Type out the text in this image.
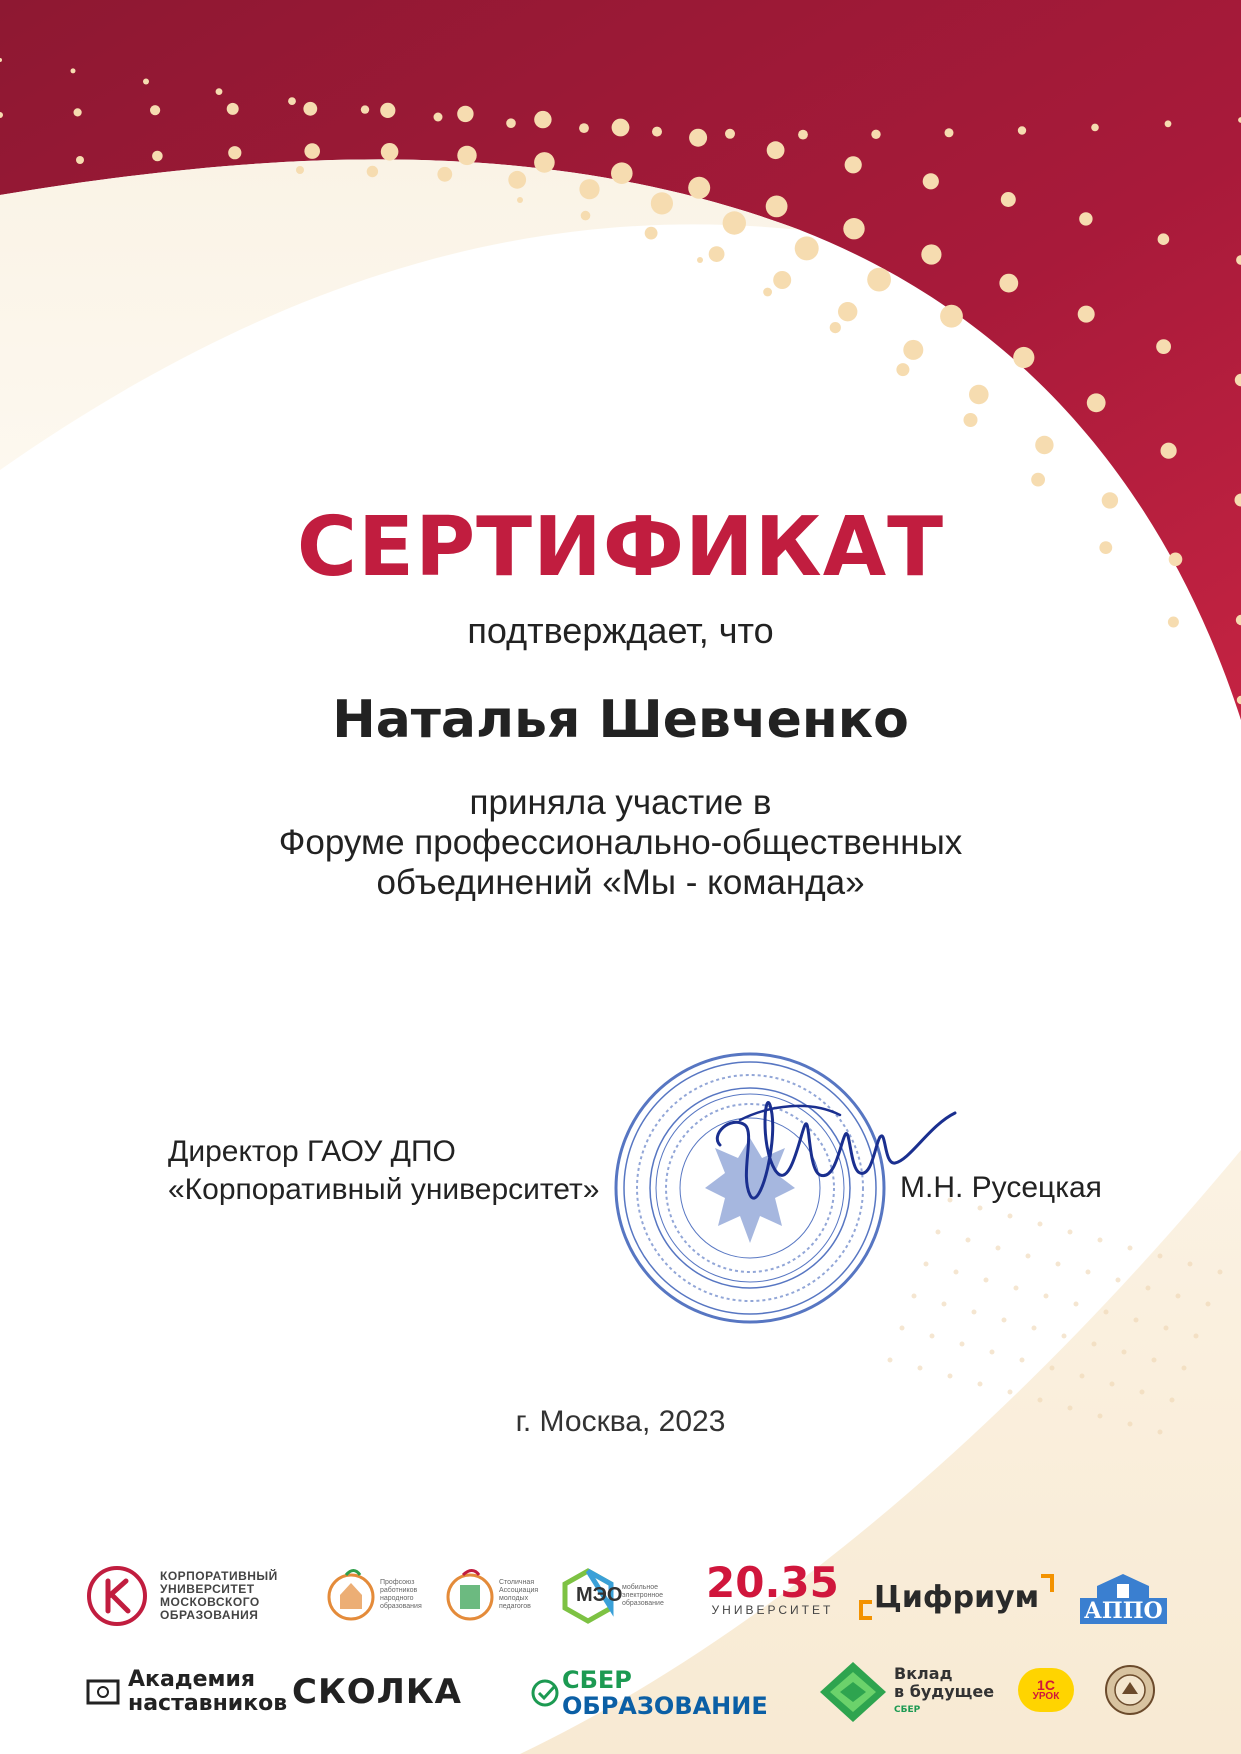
СЕРТИФИКАТ
подтверждает, что
Наталья Шевченко
приняла участие в
Форуме профессионально-общественных
объединений «Мы - команда»
Директор ГАОУ ДПО
«Корпоративный университет»	М.Н. Русецкая
г. Москва, 2023
КОРПОРАТИВНЫЙ
УНИВЕРСИТЕТ
МОСКОВСКОГО
ОБРАЗОВАНИЯ
Профсоюз
работников
народного
образования
Столичная
Ассоциация
молодых
педагогов
МЭО мобильное
электронное
образование 20.35
УНИВЕРСИТЕТ Цифриум АППО
Академия
наставников СКОЛКА	СБЕР
ОБРАЗОВАНИЕ
Вклад
в будущее
СБЕР
1С
УРОК
